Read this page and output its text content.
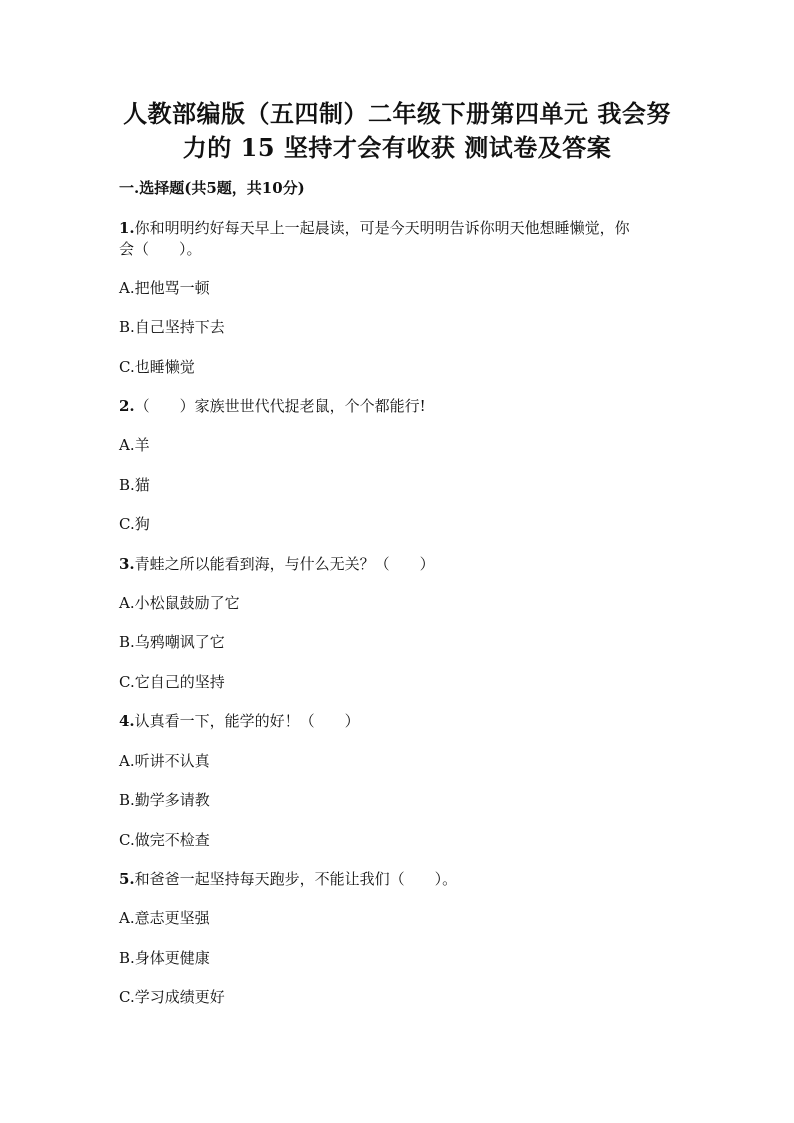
人教部编版（五四制）二年级下册第四单元 我会努
力的 15 坚持才会有收获 测试卷及答案
一.选择题(共5题，共10分)
1.你和明明约好每天早上一起晨读，可是今天明明告诉你明天他想睡懒觉，你
会（　　）。
A.把他骂一顿
B.自己坚持下去
C.也睡懒觉
2.（　　）家族世世代代捉老鼠，个个都能行!
A.羊
B.猫
C.狗
3.青蛙之所以能看到海，与什么无关？（　　）
A.小松鼠鼓励了它
B.乌鸦嘲讽了它
C.它自己的坚持
4.认真看一下，能学的好！（　　）
A.听讲不认真
B.勤学多请教
C.做完不检查
5.和爸爸一起坚持每天跑步，不能让我们（　　）。
A.意志更坚强
B.身体更健康
C.学习成绩更好
